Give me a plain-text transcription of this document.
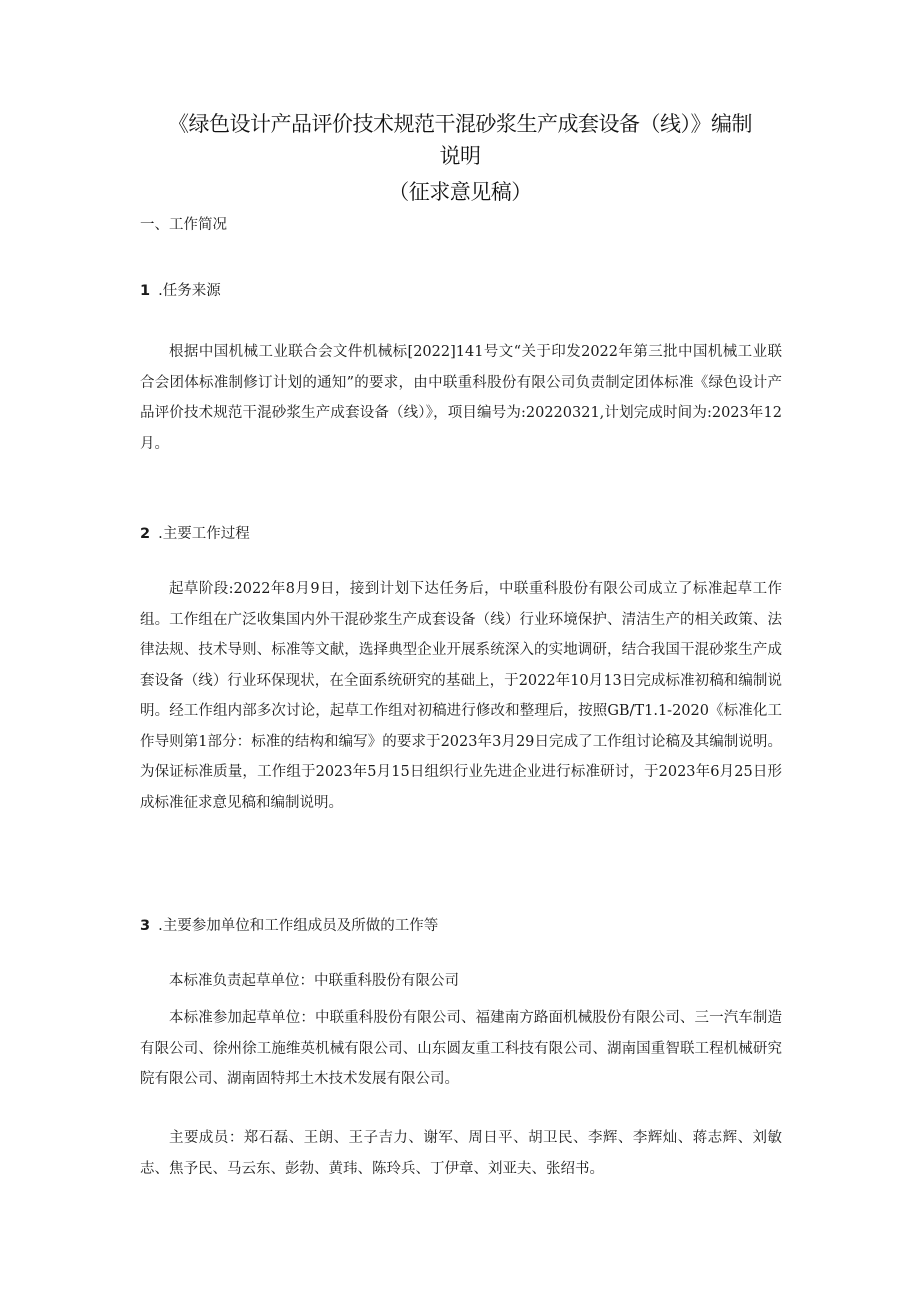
《绿色设计产品评价技术规范干混砂浆生产成套设备（线）》编制
说明
（征求意见稿）
一、工作简况
1 .任务来源

根据中国机械工业联合会文件机械标[2022]141号文“关于印发2022年第三批中国机械工业联合会团体标准制修订计划的通知”的要求，由中联重科股份有限公司负责制定团体标准《绿色设计产品评价技术规范干混砂浆生产成套设备（线）》，项目编号为:20220321,计划完成时间为:2023年12月。

2 .主要工作过程

起草阶段:2022年8月9日，接到计划下达任务后，中联重科股份有限公司成立了标准起草工作组。工作组在广泛收集国内外干混砂浆生产成套设备（线）行业环境保护、清洁生产的相关政策、法律法规、技术导则、标准等文献，选择典型企业开展系统深入的实地调研，结合我国干混砂浆生产成套设备（线）行业环保现状，在全面系统研究的基础上，于2022年10月13日完成标准初稿和编制说明。经工作组内部多次讨论，起草工作组对初稿进行修改和整理后，按照GB/T1.1-2020《标准化工作导则第1部分：标准的结构和编写》的要求于2023年3月29日完成了工作组讨论稿及其编制说明。为保证标准质量，工作组于2023年5月15日组织行业先进企业进行标准研讨，于2023年6月25日形成标准征求意见稿和编制说明。

3 .主要参加单位和工作组成员及所做的工作等

本标准负责起草单位：中联重科股份有限公司

本标准参加起草单位：中联重科股份有限公司、福建南方路面机械股份有限公司、三一汽车制造有限公司、徐州徐工施维英机械有限公司、山东圆友重工科技有限公司、湖南国重智联工程机械研究院有限公司、湖南固特邦土木技术发展有限公司。

主要成员：郑石磊、王朗、王子吉力、谢军、周日平、胡卫民、李辉、李辉灿、蒋志辉、刘敏志、焦予民、马云东、彭勃、黄玮、陈玲兵、丁伊章、刘亚夫、张绍书。
